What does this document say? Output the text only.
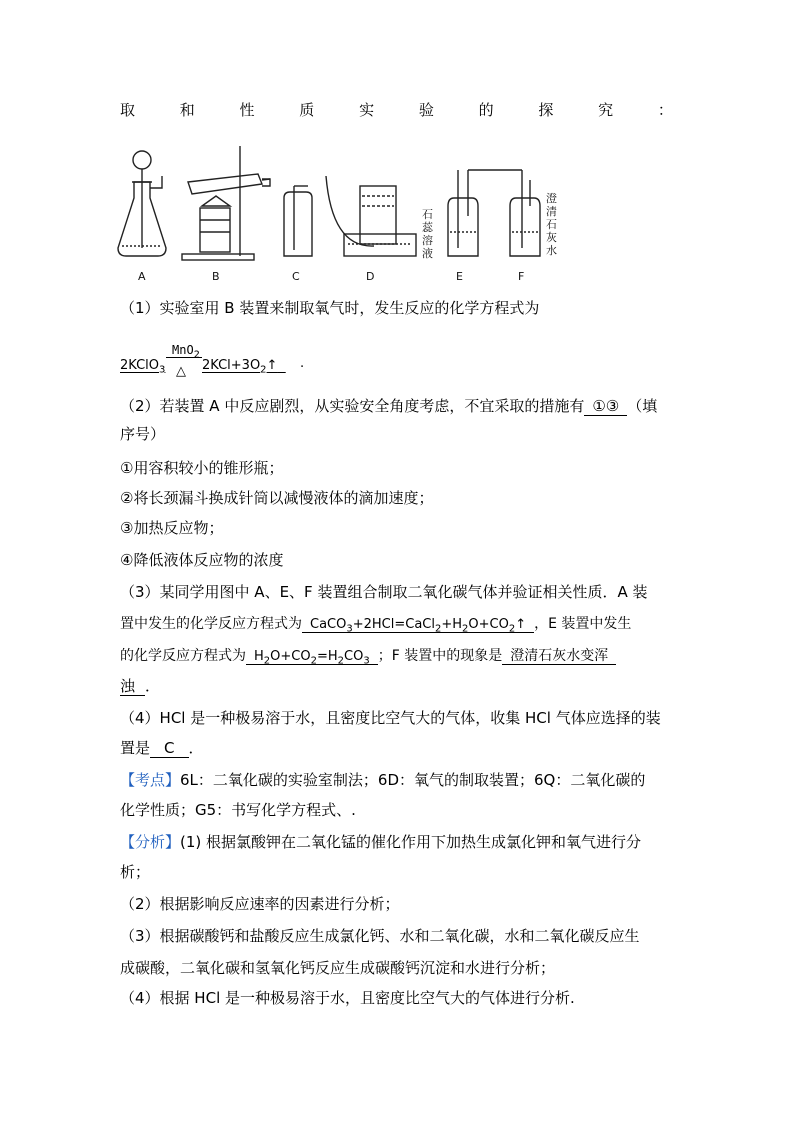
取	和	性	质	实	验	的	探	究	：
A	B	C	D	E	F
石
蕊
溶
液
澄
清
石
灰
水
（1）实验室用 B 装置来制取氧气时，发生反应的化学方程式为
2KClO$_3$
MnO$_2$
△ $2KCl+3O_2↑$	.
（2）若装置 A 中反应剧烈，从实验安全角度考虑，不宜采取的措施有 ①③ （填
序号）
①用容积较小的锥形瓶；
②将长颈漏斗换成针筒以减慢液体的滴加速度；
③加热反应物；
④降低液体反应物的浓度
（3）某同学用图中 A、E、F 装置组合制取二氧化碳气体并验证相关性质．A 装
置中发生的化学反应方程式为 $CaCO_3+2HCl=CaCl_2+H_2O+CO_2↑$ ，E 装置中发生
的化学反应方程式为 $H_2O+CO_2=H_2CO_3$ ；F 装置中的现象是 澄清石灰水变浑
浊 ．
（4）HCl 是一种极易溶于水，且密度比空气大的气体，收集 HCl 气体应选择的装
置是 C ．
【考点】6L：二氧化碳的实验室制法；6D：氧气的制取装置；6Q：二氧化碳的
化学性质；G5：书写化学方程式、.
【分析】(1) 根据氯酸钾在二氧化锰的催化作用下加热生成氯化钾和氧气进行分
析；
（2）根据影响反应速率的因素进行分析；
（3）根据碳酸钙和盐酸反应生成氯化钙、水和二氧化碳，水和二氧化碳反应生
成碳酸，二氧化碳和氢氧化钙反应生成碳酸钙沉淀和水进行分析；
（4）根据 HCl 是一种极易溶于水，且密度比空气大的气体进行分析.
